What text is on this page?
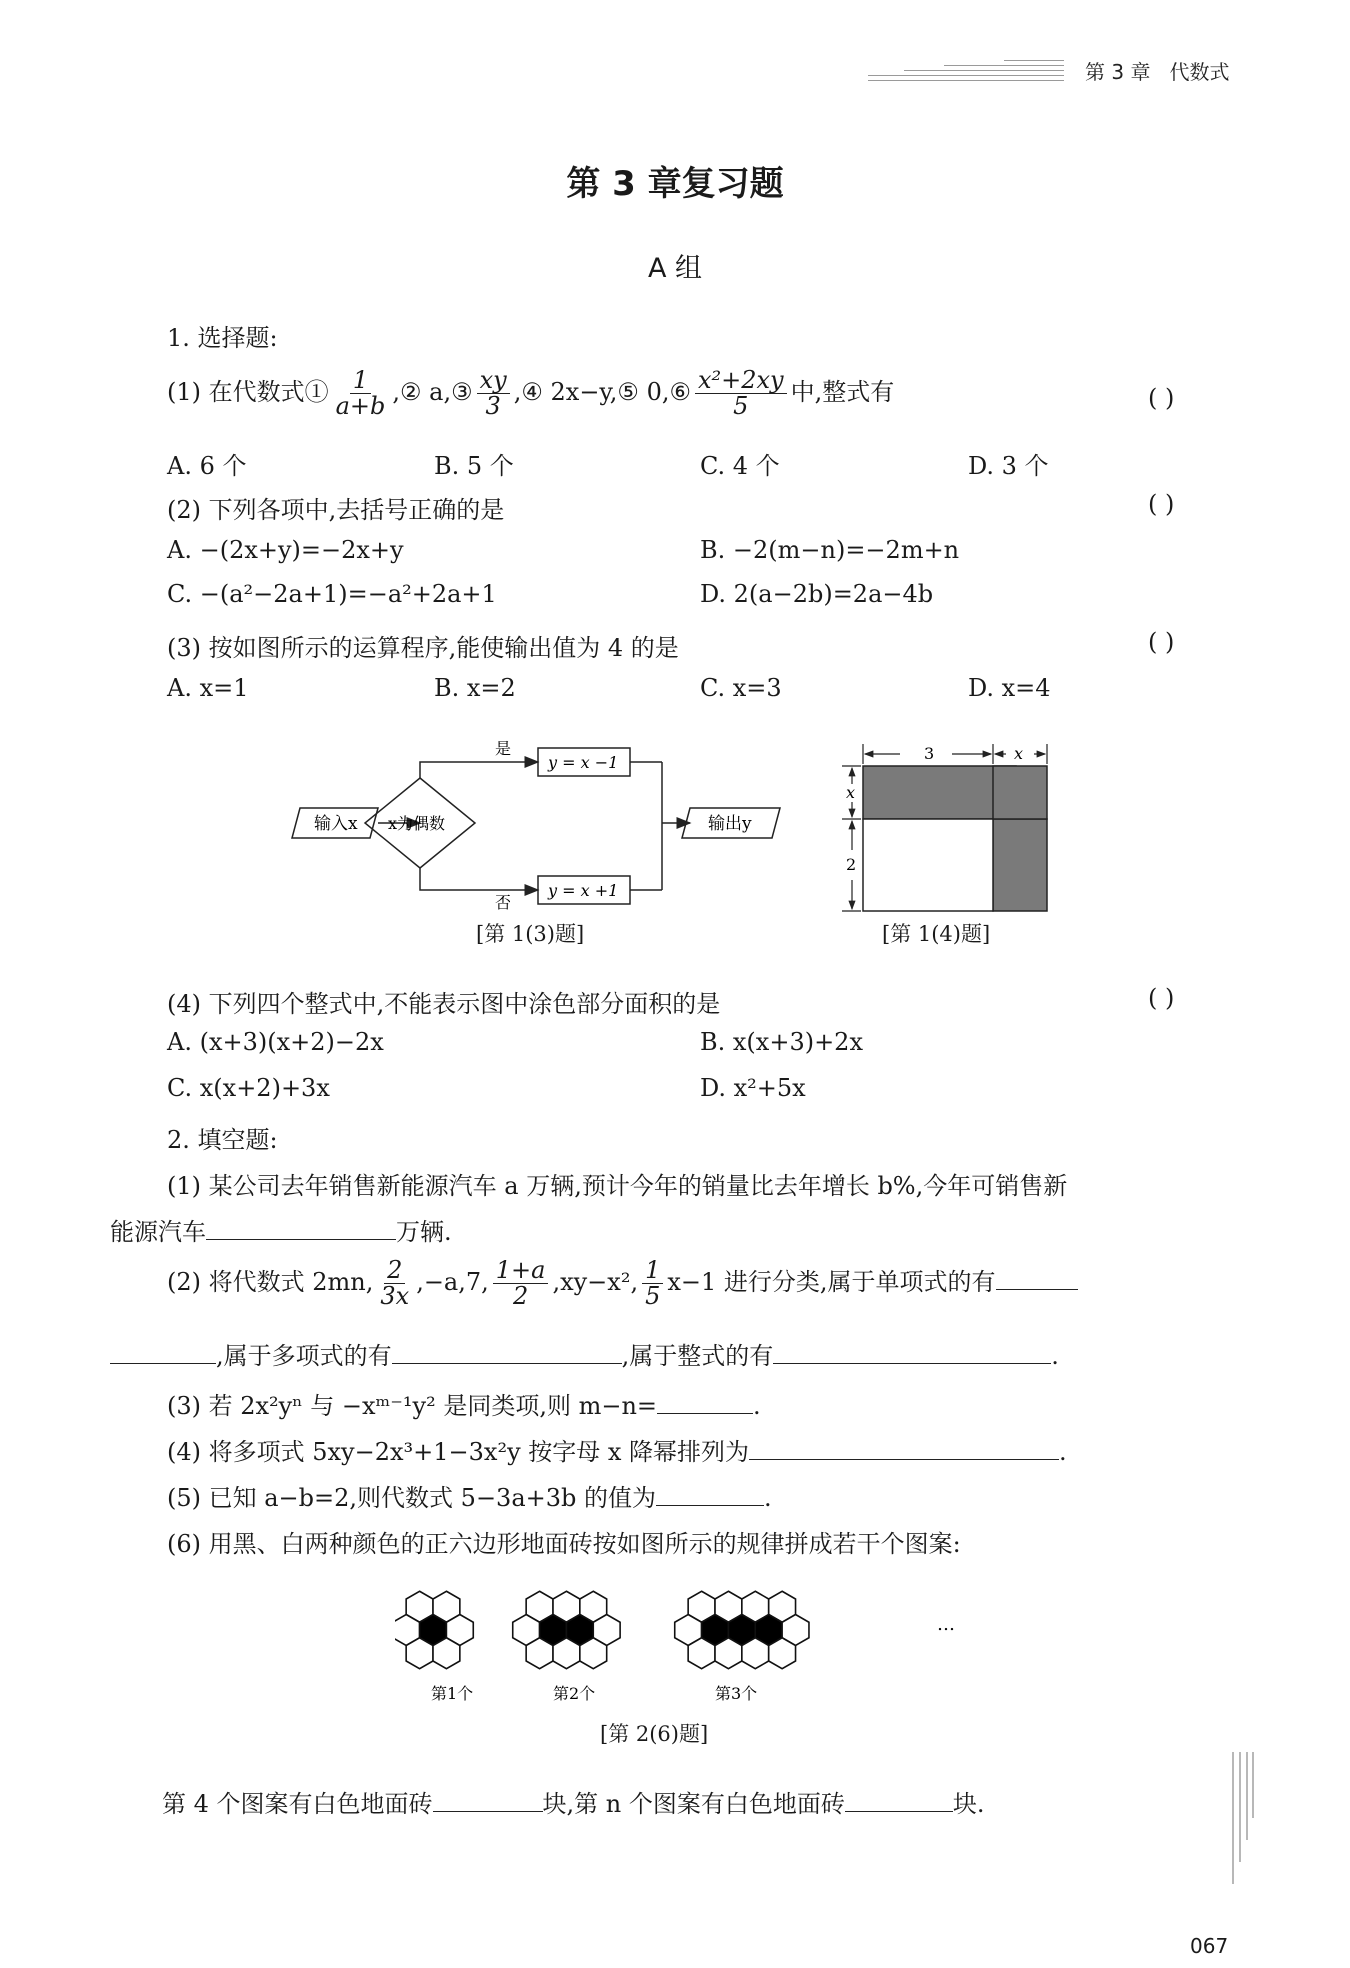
第 3 章 代数式
第 3 章复习题
A 组
1. 选择题:
(1) 在代数式① $\frac{1}{a+b}$ ,② a,③ $\frac{xy}{3}$ ,④ 2x−y,⑤ 0,⑥ $\frac{\text{x²+2xy}}{5}$ 中,整式有	( )
A. 6 个	B. 5 个	C. 4 个	D. 3 个
(2) 下列各项中,去括号正确的是	( )
A. −(2x+y)=−2x+y	B. −2(m−n)=−2m+n
C. −(a²−2a+1)=−a²+2a+1	D. 2(a−2b)=2a−4b
(3) 按如图所示的运算程序,能使输出值为 4 的是	( )
A. x=1	B. x=2	C. x=3	D. x=4
输入x x为偶数
是
否
y = x −1
y = x +1
输出y
[第 1(3)题]
3	x
x
2
[第 1(4)题]
(4) 下列四个整式中,不能表示图中涂色部分面积的是	( )
A. (x+3)(x+2)−2x	B. x(x+3)+2x
C. x(x+2)+3x	D. x²+5x
2. 填空题:
(1) 某公司去年销售新能源汽车 a 万辆,预计今年的销量比去年增长 b%,今年可销售新
能源汽车	万辆.
(2) 将代数式 2mn, $\frac{2}{3x} ,-a,7$, $\frac{1+a}{2} ,xy-x^2$, $\frac{1}{5} x-1$ 进行分类,属于单项式的有
,属于多项式的有	,属于整式的有	.
(3) 若 2x²yⁿ 与 −xᵐ⁻¹y² 是同类项,则 m−n=	.
(4) 将多项式 5xy−2x³+1−3x²y 按字母 x 降幂排列为	.
(5) 已知 a−b=2,则代数式 5−3a+3b 的值为	.
(6) 用黑、白两种颜色的正六边形地面砖按如图所示的规律拼成若干个图案:
…
第1个	第2个	第3个
[第 2(6)题]
第 4 个图案有白色地面砖	块,第 n 个图案有白色地面砖	块.
067
